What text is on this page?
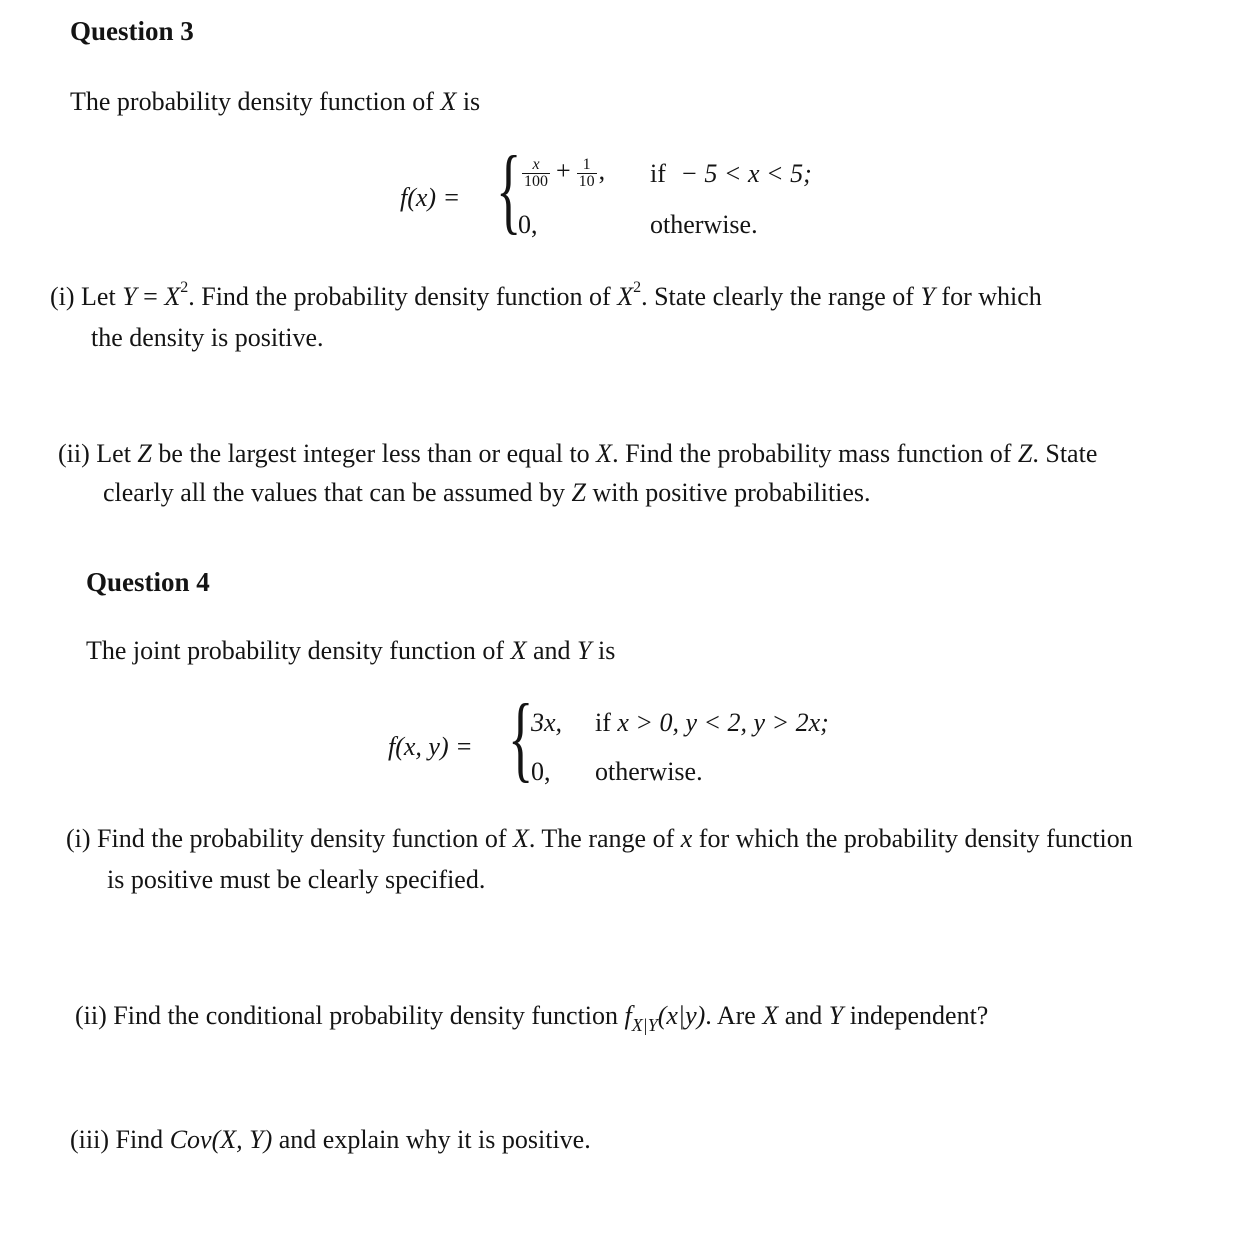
Question 3
The probability density function of X is
f(x) = { $\frac{x}{100} + \frac{1}{10}$ , if − 5 < x < 5;
0,	otherwise.
(i) Let $Y = X^2$. Find the probability density function of $X^2$. State clearly the range of Y for which
the density is positive.
(ii) Let Z be the largest integer less than or equal to X. Find the probability mass function of Z. State
clearly all the values that can be assumed by Z with positive probabilities.
Question 4
The joint probability density function of X and Y is
f(x, y) = {
3x, if x > 0, y < 2, y > 2x;
0, otherwise.
(i) Find the probability density function of X. The range of x for which the probability density function
is positive must be clearly specified.
(ii) Find the conditional probability density function $f_{X|Y}(x|y)$. Are X and Y independent?
(iii) Find Cov(X, Y) and explain why it is positive.
